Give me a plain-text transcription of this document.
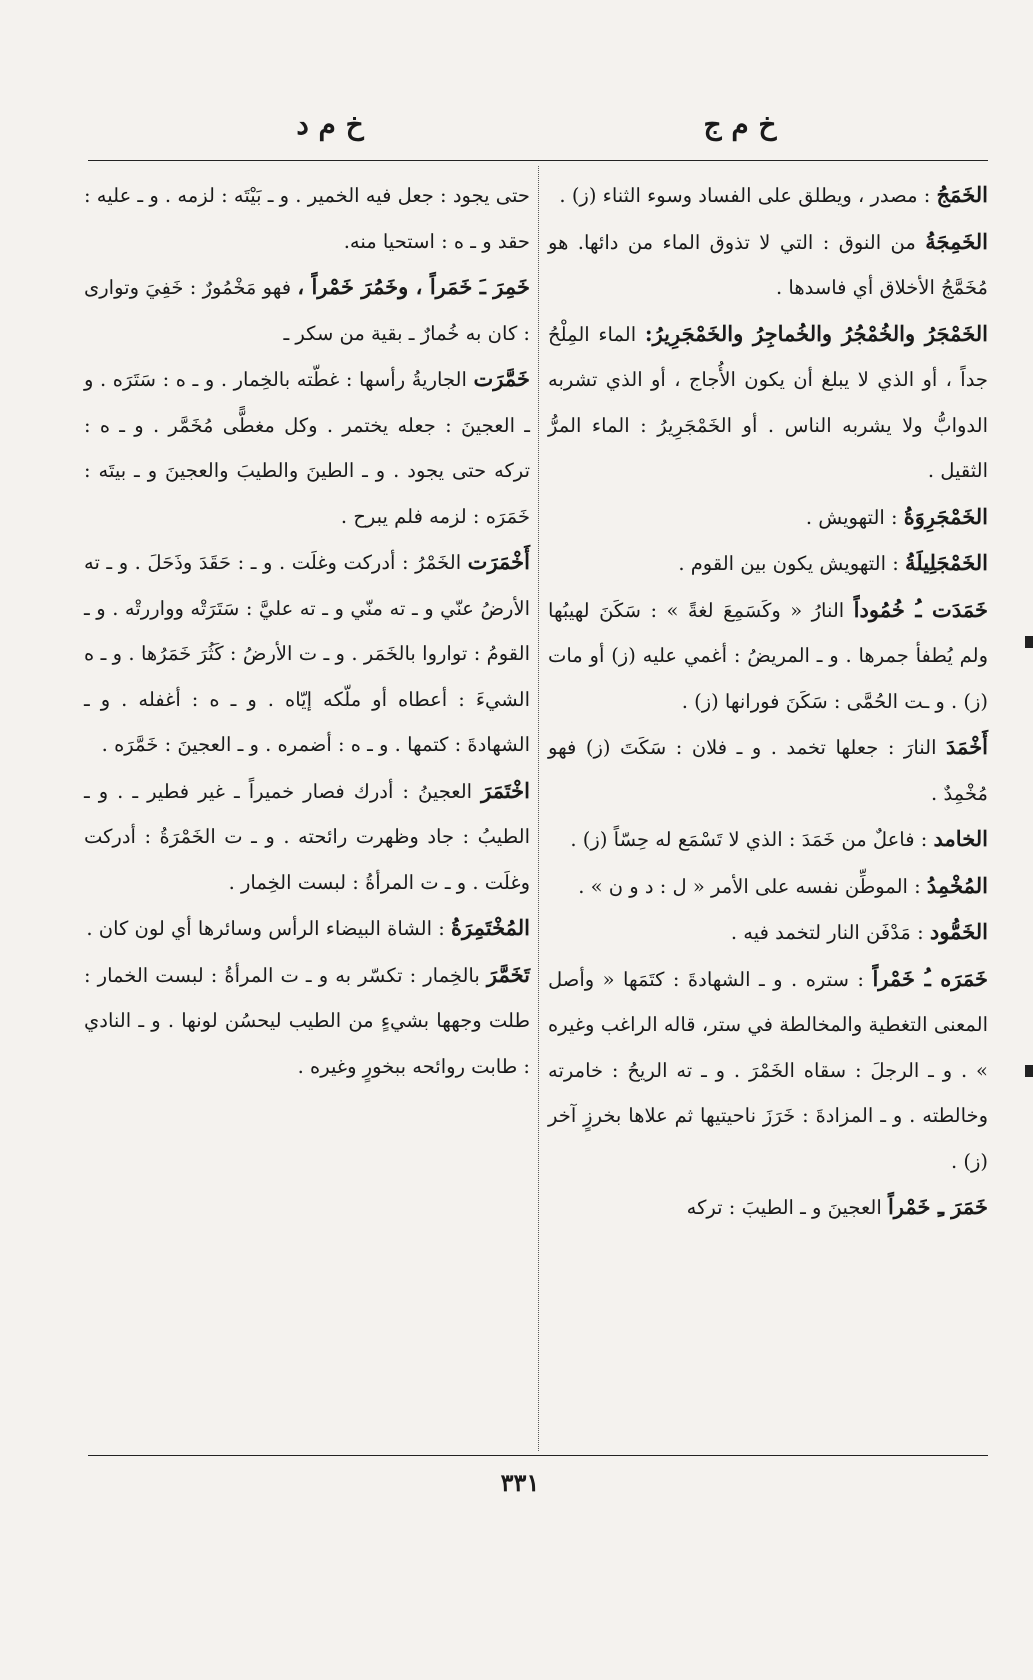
خ م ج
خ م د

الخَمَجُ : مصدر ، ويطلق على الفساد وسوء الثناء (ز) .

الخَمِجَةُ من النوق : التي لا تذوق الماء من دائها. هو مُخَمَّجُ الأخلاق أي فاسدها .

الخَمْجَرُ والخُمْجُرُ والخُماجِرُ والخَمْجَرِيرُ: الماء المِلْحُ جداً ، أو الذي لا يبلغ أن يكون الأُجاج ، أو الذي تشربه الدوابُّ ولا يشربه الناس . أو الخَمْجَرِيرُ : الماء المرُّ الثقيل .

الخَمْجَرِوَةُ : التهويش .

الخَمْجَلِيلَةُ : التهويش يكون بين القوم .

خَمَدَت ـُ خُمُوداً النارُ « وكَسَمِعَ لغةً » : سَكَنَ لهيبُها ولم يُطفأ جمرها . و ـ المريضُ : أغمي عليه (ز) أو مات (ز) . و ـت الحُمَّى : سَكَنَ فورانها (ز) .

أَخْمَدَ النارَ : جعلها تخمد . و ـ فلان : سَكَتَ (ز) فهو مُخْمِدٌ .

الخامد : فاعلٌ من خَمَدَ : الذي لا تَسْمَع له حِسّاً (ز) .

المُخْمِدُ : الموطِّن نفسه على الأمر « ل : د و ن » .

الخَمُّود : مَدْفَن النار لتخمد فيه .

خَمَرَه ـُ خَمْراً : ستره . و ـ الشهادةَ : كتَمَها « وأصل المعنى التغطية والمخالطة في ستر، قاله الراغب وغيره » . و ـ الرجلَ : سقاه الخَمْرَ . و ـ ته الريحُ : خامرته وخالطته . و ـ المزادةَ : خَرَزَ ناحيتيها ثم علاها بخرزٍ آخر (ز) .

خَمَرَ ـِ خَمْراً العجينَ و ـ الطيبَ : تركه

حتى يجود : جعل فيه الخمير . و ـ بَيْتَه : لزمه . و ـ عليه : حقد و ـ ه : استحيا منه.

خَمِرَ ـَ خَمَراً ، وخَمُرَ خَمْراً ، فهو مَخْمُورٌ : خَفِيَ وتوارى : كان به خُمارٌ ـ بقية من سكر ـ

خَمَّرَت الجاريةُ رأسها : غطّته بالخِمار . و ـ ه : سَتَرَه . و ـ العجينَ : جعله يختمر . وكل مغطًّى مُخَمَّر . و ـ ه : تركه حتى يجود . و ـ الطينَ والطيبَ والعجينَ و ـ بيتَه : خَمَرَه : لزمه فلم يبرح .

أَخْمَرَت الخَمْرُ : أدركت وغلَت . و ـ : حَقَدَ وذَحَلَ . و ـ ته الأرضُ عنّي و ـ ته منّي و ـ ته عليَّ : سَتَرَتْه وواررتْه . و ـ القومُ : تواروا بالخَمَر . و ـ ت الأرضُ : كَثُرَ خَمَرُها . و ـ ه الشيءَ : أعطاه أو ملّكه إيّاه . و ـ ه : أغفله . و ـ الشهادةَ : كتمها . و ـ ه : أضمره . و ـ العجينَ : خَمَّرَه .

اخْتَمَرَ العجينُ : أدرك فصار خميراً ـ غير فطير ـ . و ـ الطيبُ : جاد وظهرت رائحته . و ـ ت الخَمْرَةُ : أدركت وغلَت . و ـ ت المرأةُ : لبست الخِمار .

المُخْتَمِرَةُ : الشاة البيضاء الرأس وسائرها أي لون كان .

تَخَمَّرَ بالخِمار : تكسّر به و ـ ت المرأةُ : لبست الخمار : طلت وجهها بشيءٍ من الطيب ليحسُن لونها . و ـ النادي : طابت روائحه ببخورٍ وغيره .

٣٣١
